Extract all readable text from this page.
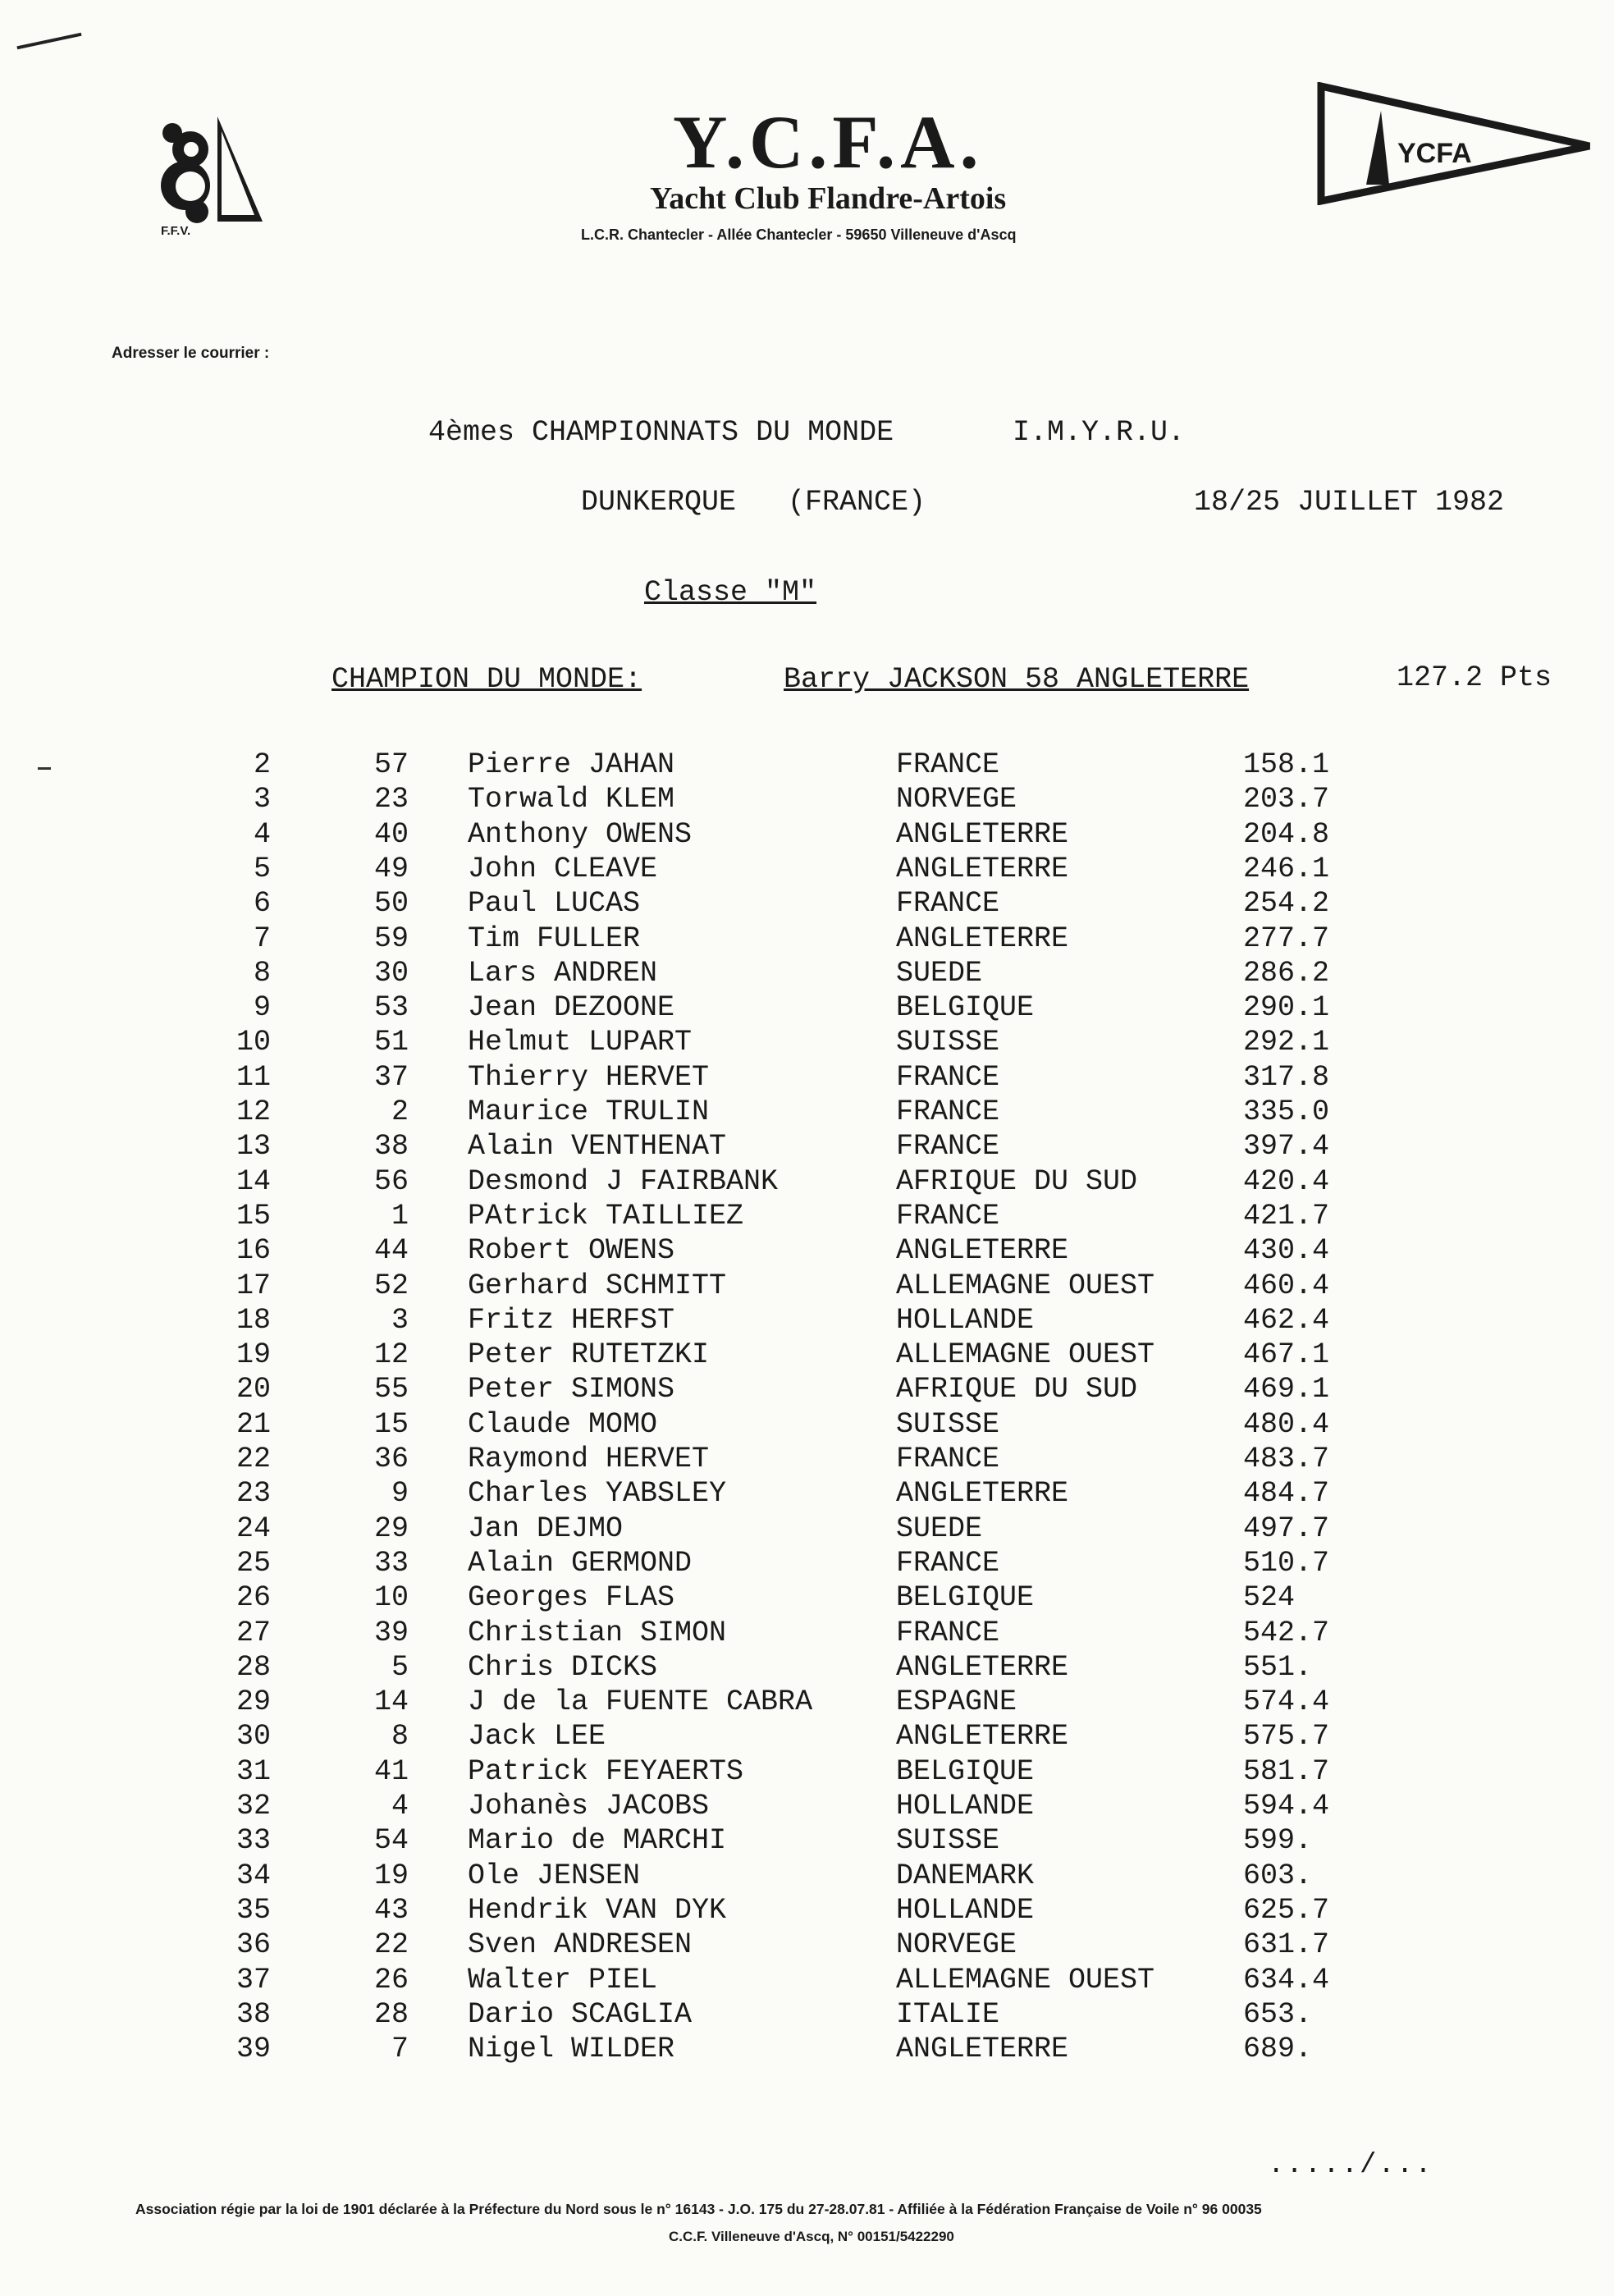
F.F.V.
Y.C.F.A.
Yacht Club Flandre-Artois
L.C.R. Chantecler - Allée Chantecler - 59650 Villeneuve d'Ascq
YCFA
Adresser le courrier :
4èmes CHAMPIONNATS DU MONDE	I.M.Y.R.U.
DUNKERQUE (FRANCE)	18/25 JUILLET 1982
Classe "M"
CHAMPION DU MONDE:	Barry JACKSON 58 ANGLETERRE	127.2 Pts
2	57 Pierre JAHAN	FRANCE	158.1
3	23 Torwald KLEM	NORVEGE	203.7
4	40 Anthony OWENS	ANGLETERRE	204.8
5	49 John CLEAVE	ANGLETERRE	246.1
6	50 Paul LUCAS	FRANCE	254.2
7	59 Tim FULLER	ANGLETERRE	277.7
8	30 Lars ANDREN	SUEDE	286.2
9	53 Jean DEZOONE	BELGIQUE	290.1
10	51 Helmut LUPART	SUISSE	292.1
11	37 Thierry HERVET	FRANCE	317.8
12	2 Maurice TRULIN	FRANCE	335.0
13	38 Alain VENTHENAT	FRANCE	397.4
14	56 Desmond J FAIRBANK	AFRIQUE DU SUD	420.4
15	1 PAtrick TAILLIEZ	FRANCE	421.7
16	44 Robert OWENS	ANGLETERRE	430.4
17	52 Gerhard SCHMITT	ALLEMAGNE OUEST	460.4
18	3 Fritz HERFST	HOLLANDE	462.4
19	12 Peter RUTETZKI	ALLEMAGNE OUEST	467.1
20	55 Peter SIMONS	AFRIQUE DU SUD	469.1
21	15 Claude MOMO	SUISSE	480.4
22	36 Raymond HERVET	FRANCE	483.7
23	9 Charles YABSLEY	ANGLETERRE	484.7
24	29 Jan DEJMO	SUEDE	497.7
25	33 Alain GERMOND	FRANCE	510.7
26	10 Georges FLAS	BELGIQUE	524
27	39 Christian SIMON	FRANCE	542.7
28	5 Chris DICKS	ANGLETERRE	551.
29	14 J de la FUENTE CABRA	ESPAGNE	574.4
30	8 Jack LEE	ANGLETERRE	575.7
31	41 Patrick FEYAERTS	BELGIQUE	581.7
32	4 Johanès JACOBS	HOLLANDE	594.4
33	54 Mario de MARCHI	SUISSE	599.
34	19 Ole JENSEN	DANEMARK	603.
35	43 Hendrik VAN DYK	HOLLANDE	625.7
36	22 Sven ANDRESEN	NORVEGE	631.7
37	26 Walter PIEL	ALLEMAGNE OUEST	634.4
38	28 Dario SCAGLIA	ITALIE	653.
39	7 Nigel WILDER	ANGLETERRE	689.
...../...
Association régie par la loi de 1901 déclarée à la Préfecture du Nord sous le n° 16143 - J.O. 175 du 27-28.07.81 - Affiliée à la Fédération Française de Voile n° 96 00035
C.C.F. Villeneuve d'Ascq, N° 00151/5422290
